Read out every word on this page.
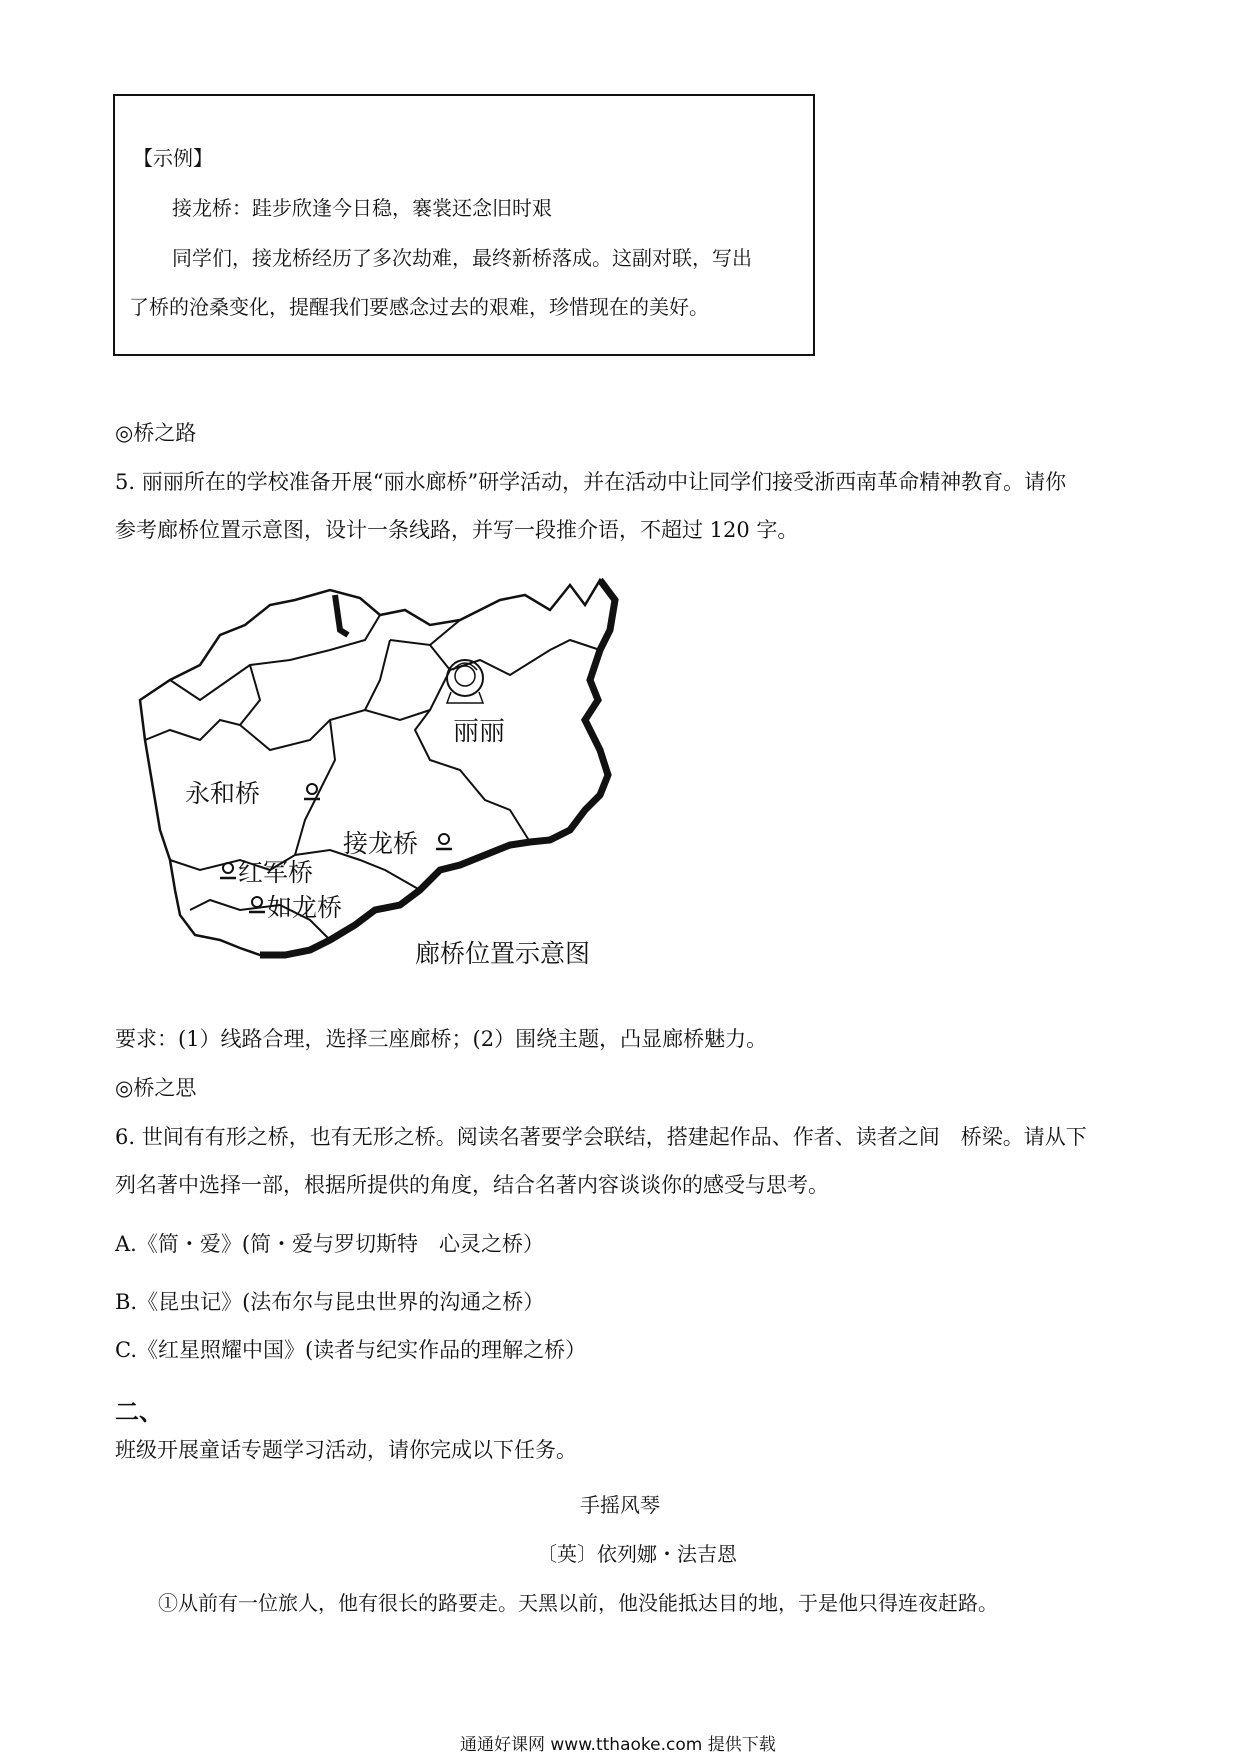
【示例】
接龙桥：跬步欣逢今日稳，褰裳还念旧时艰
同学们，接龙桥经历了多次劫难，最终新桥落成。这副对联，写出
了桥的沧桑变化，提醒我们要感念过去的艰难，珍惜现在的美好。
◎桥之路
5. 丽丽所在的学校准备开展“丽水廊桥”研学活动，并在活动中让同学们接受浙西南革命精神教育。请你
参考廊桥位置示意图，设计一条线路，并写一段推介语，不超过 120 字。
丽丽
永和桥
接龙桥
红军桥
如龙桥
廊桥位置示意图
要求：(1）线路合理，选择三座廊桥；(2）围绕主题，凸显廊桥魅力。
◎桥之思
6. 世间有有形之桥，也有无形之桥。阅读名著要学会联结，搭建起作品、作者、读者之间　桥梁。请从下
列名著中选择一部，根据所提供的角度，结合名著内容谈谈你的感受与思考。
A.《简・爱》(简・爱与罗切斯特　心灵之桥）
B.《昆虫记》(法布尔与昆虫世界的沟通之桥）
C.《红星照耀中国》(读者与纪实作品的理解之桥）
二、
班级开展童话专题学习活动，请你完成以下任务。
手摇风琴
〔英〕依列娜・法吉恩
①从前有一位旅人，他有很长的路要走。天黑以前，他没能抵达目的地，于是他只得连夜赶路。
通通好课网 www.tthaoke.com 提供下载
